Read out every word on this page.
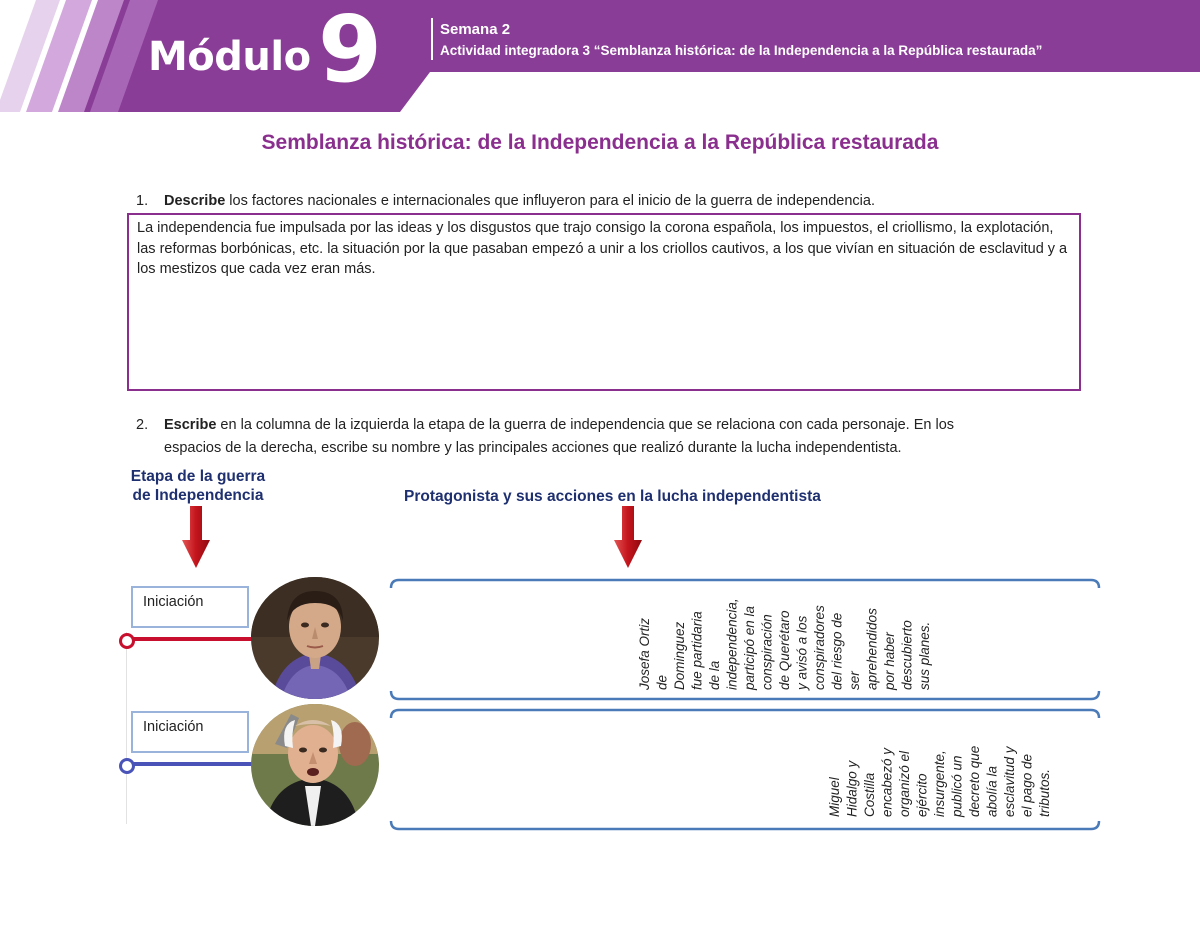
Módulo 9	Semana 2
Actividad integradora 3 “Semblanza histórica: de la Independencia a la República restaurada”
Semblanza histórica: de la Independencia a la República restaurada
1. Describe los factores nacionales e internacionales que influyeron para el inicio de la guerra de independencia.
La independencia fue impulsada por las ideas y los disgustos que trajo consigo la corona española, los impuestos, el criollismo, la explotación, las reformas borbónicas, etc. la situación por la que pasaban empezó a unir a los criollos cautivos, a los que vivían en situación de esclavitud y a los mestizos que cada vez eran más.
2. Escribe en la columna de la izquierda la etapa de la guerra de independencia que se relaciona con cada personaje. En los
espacios de la derecha, escribe su nombre y las principales acciones que realizó durante la lucha independentista.
Etapa de la guerra
de Independencia	Protagonista y sus acciones en la lucha independentista
Iniciación
Josefa Ortiz de Dominguez fue partidaria de la independencia, participó en la conspiración de Querétaro y avisó a los conspiradores del riesgo de ser aprehendidos por haber descubierto sus planes.
Iniciación
Miguel Hidalgo y Costilla encabezó y organizó el ejército insurgente, publicó un decreto que abolía la esclavitud y el pago de tributos.
